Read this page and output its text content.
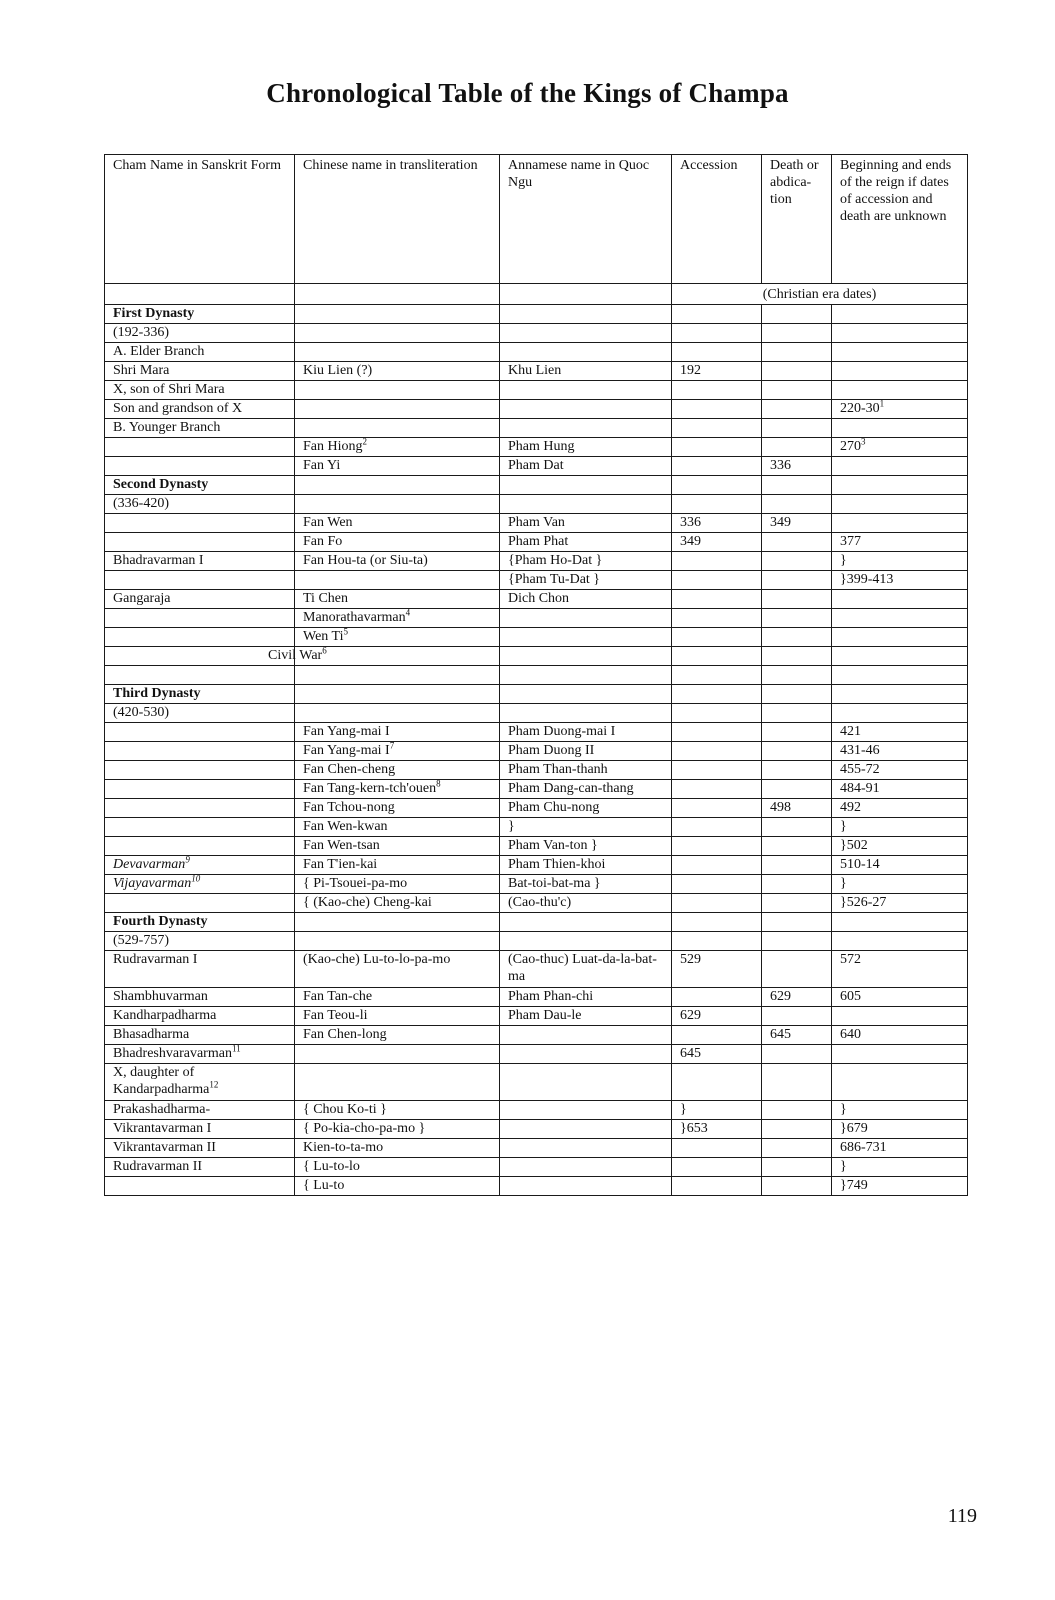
Chronological Table of the Kings of Champa
Cham Name in Sanskrit Form	Chinese name in transliteration	Annamese name in Quoc Ngu	Accession	Death or abdica-tion	Beginning and ends of the reign if dates of accession and death are unknown
			(Christian era dates)		
First Dynasty					
(192-336)					
A. Elder Branch					
Shri Mara	Kiu Lien (?)	Khu Lien	192		
X, son of Shri Mara					
Son and grandson of X					$220-30^1$
B. Younger Branch					
	Fan Hiong$^2$	Pham Hung			$270^3$
	Fan Yi	Pham Dat		336	
Second Dynasty					
(336-420)					
	Fan Wen	Pham Van	336	349	
	Fan Fo	Pham Phat	349		377
Bhadravarman I	Fan Hou-ta (or Siu-ta)	{Pham Ho-Dat }			}
		{Pham Tu-Dat }			}399-413
Gangaraja	Ti Chen	Dich Chon			
	Manorathavarman$^4$				
	Wen Ti$^5$				
	Civil War$^6$				

Third Dynasty					
(420-530)					
	Fan Yang-mai I	Pham Duong-mai I			421
	Fan Yang-mai $I^7$	Pham Duong II			431-46
	Fan Chen-cheng	Pham Than-thanh			455-72
	Fan Tang-kern-tch'ouen$^8$	Pham Dang-can-thang			484-91
	Fan Tchou-nong	Pham Chu-nong		498	492
	Fan Wen-kwan	}			}
	Fan Wen-tsan	Pham Van-ton }			}502
Devavarman$^9$	Fan T'ien-kai	Pham Thien-khoi			510-14
Vijayavarman$^{10}$	{ Pi-Tsouei-pa-mo	Bat-toi-bat-ma }			}
	{ (Kao-che) Cheng-kai	(Cao-thu'c)			}526-27
Fourth Dynasty					
(529-757)					
Rudravarman I	(Kao-che) Lu-to-lo-pa-mo	(Cao-thuc) Luat-da-la-bat-ma	529		572
Shambhuvarman	Fan Tan-che	Pham Phan-chi		629	605
Kandharpadharma	Fan Teou-li	Pham Dau-le	629		
Bhasadharma	Fan Chen-long			645	640
Bhadreshvaravarman$^{11}$			645		
X, daughter of Kandarpadharma$^{12}$					
Prakashadharma-	{ Chou Ko-ti }		}		}
Vikrantavarman I	{ Po-kia-cho-pa-mo }		}653		}679
Vikrantavarman II	Kien-to-ta-mo				686-731
Rudravarman II	{ Lu-to-lo				}
	{ Lu-to				}749
119
